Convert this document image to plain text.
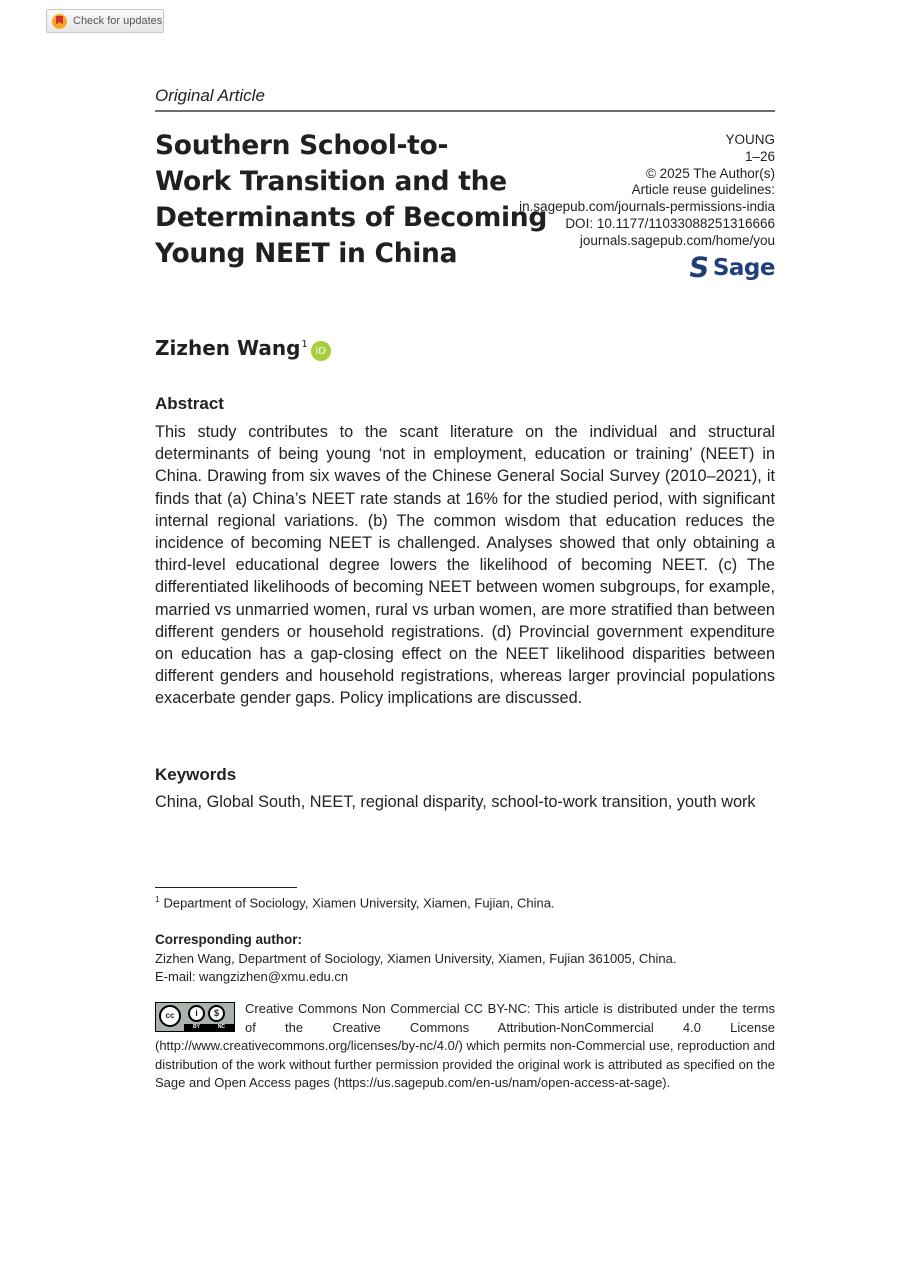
Check for updates
Original Article
Southern School-to-
Work Transition and the
Determinants of Becoming
Young NEET in China
YOUNG
1–26
© 2025 The Author(s)
Article reuse guidelines:
in.sagepub.com/journals-permissions-india
DOI: 10.1177/11033088251316666
journals.sagepub.com/home/you
S Sage
Zizhen Wang 1
iD
Abstract

This study contributes to the scant literature on the individual and structural determinants of being young ‘not in employment, education or training’ (NEET) in China. Drawing from six waves of the Chinese General Social Survey (2010–2021), it finds that (a) China’s NEET rate stands at 16% for the studied period, with significant internal regional variations. (b) The common wisdom that education reduces the incidence of becoming NEET is challenged. Analyses showed that only obtaining a third-level educational degree lowers the likelihood of becoming NEET. (c) The differentiated likelihoods of becoming NEET between women subgroups, for example, married vs unmarried women, rural vs urban women, are more stratified than between different genders or household registrations. (d) Provincial government expenditure on education has a gap-closing effect on the NEET likelihood disparities between different genders and household registrations, whereas larger provincial populations exacerbate gender gaps. Policy implications are discussed.

Keywords

China, Global South, NEET, regional disparity, school-to-work transition, youth work

$^1$ Department of Sociology, Xiamen University, Xiamen, Fujian, China.
Corresponding author:
Zizhen Wang, Department of Sociology, Xiamen University, Xiamen, Fujian 361005, China.
E-mail: wangzizhen@xmu.edu.cn
cc	i	$
BY	NC
Creative Commons Non Commercial CC BY-NC: This article is distributed under the terms of the Creative Commons Attribution-NonCommercial 4.0 License (http://www.creativecommons.org/licenses/by-nc/4.0/) which permits non-Commercial use, reproduction and distribution of the work without further permission provided the original work is attributed as specified on the Sage and Open Access pages (https://us.sagepub.com/en-us/nam/open-access-at-sage).
